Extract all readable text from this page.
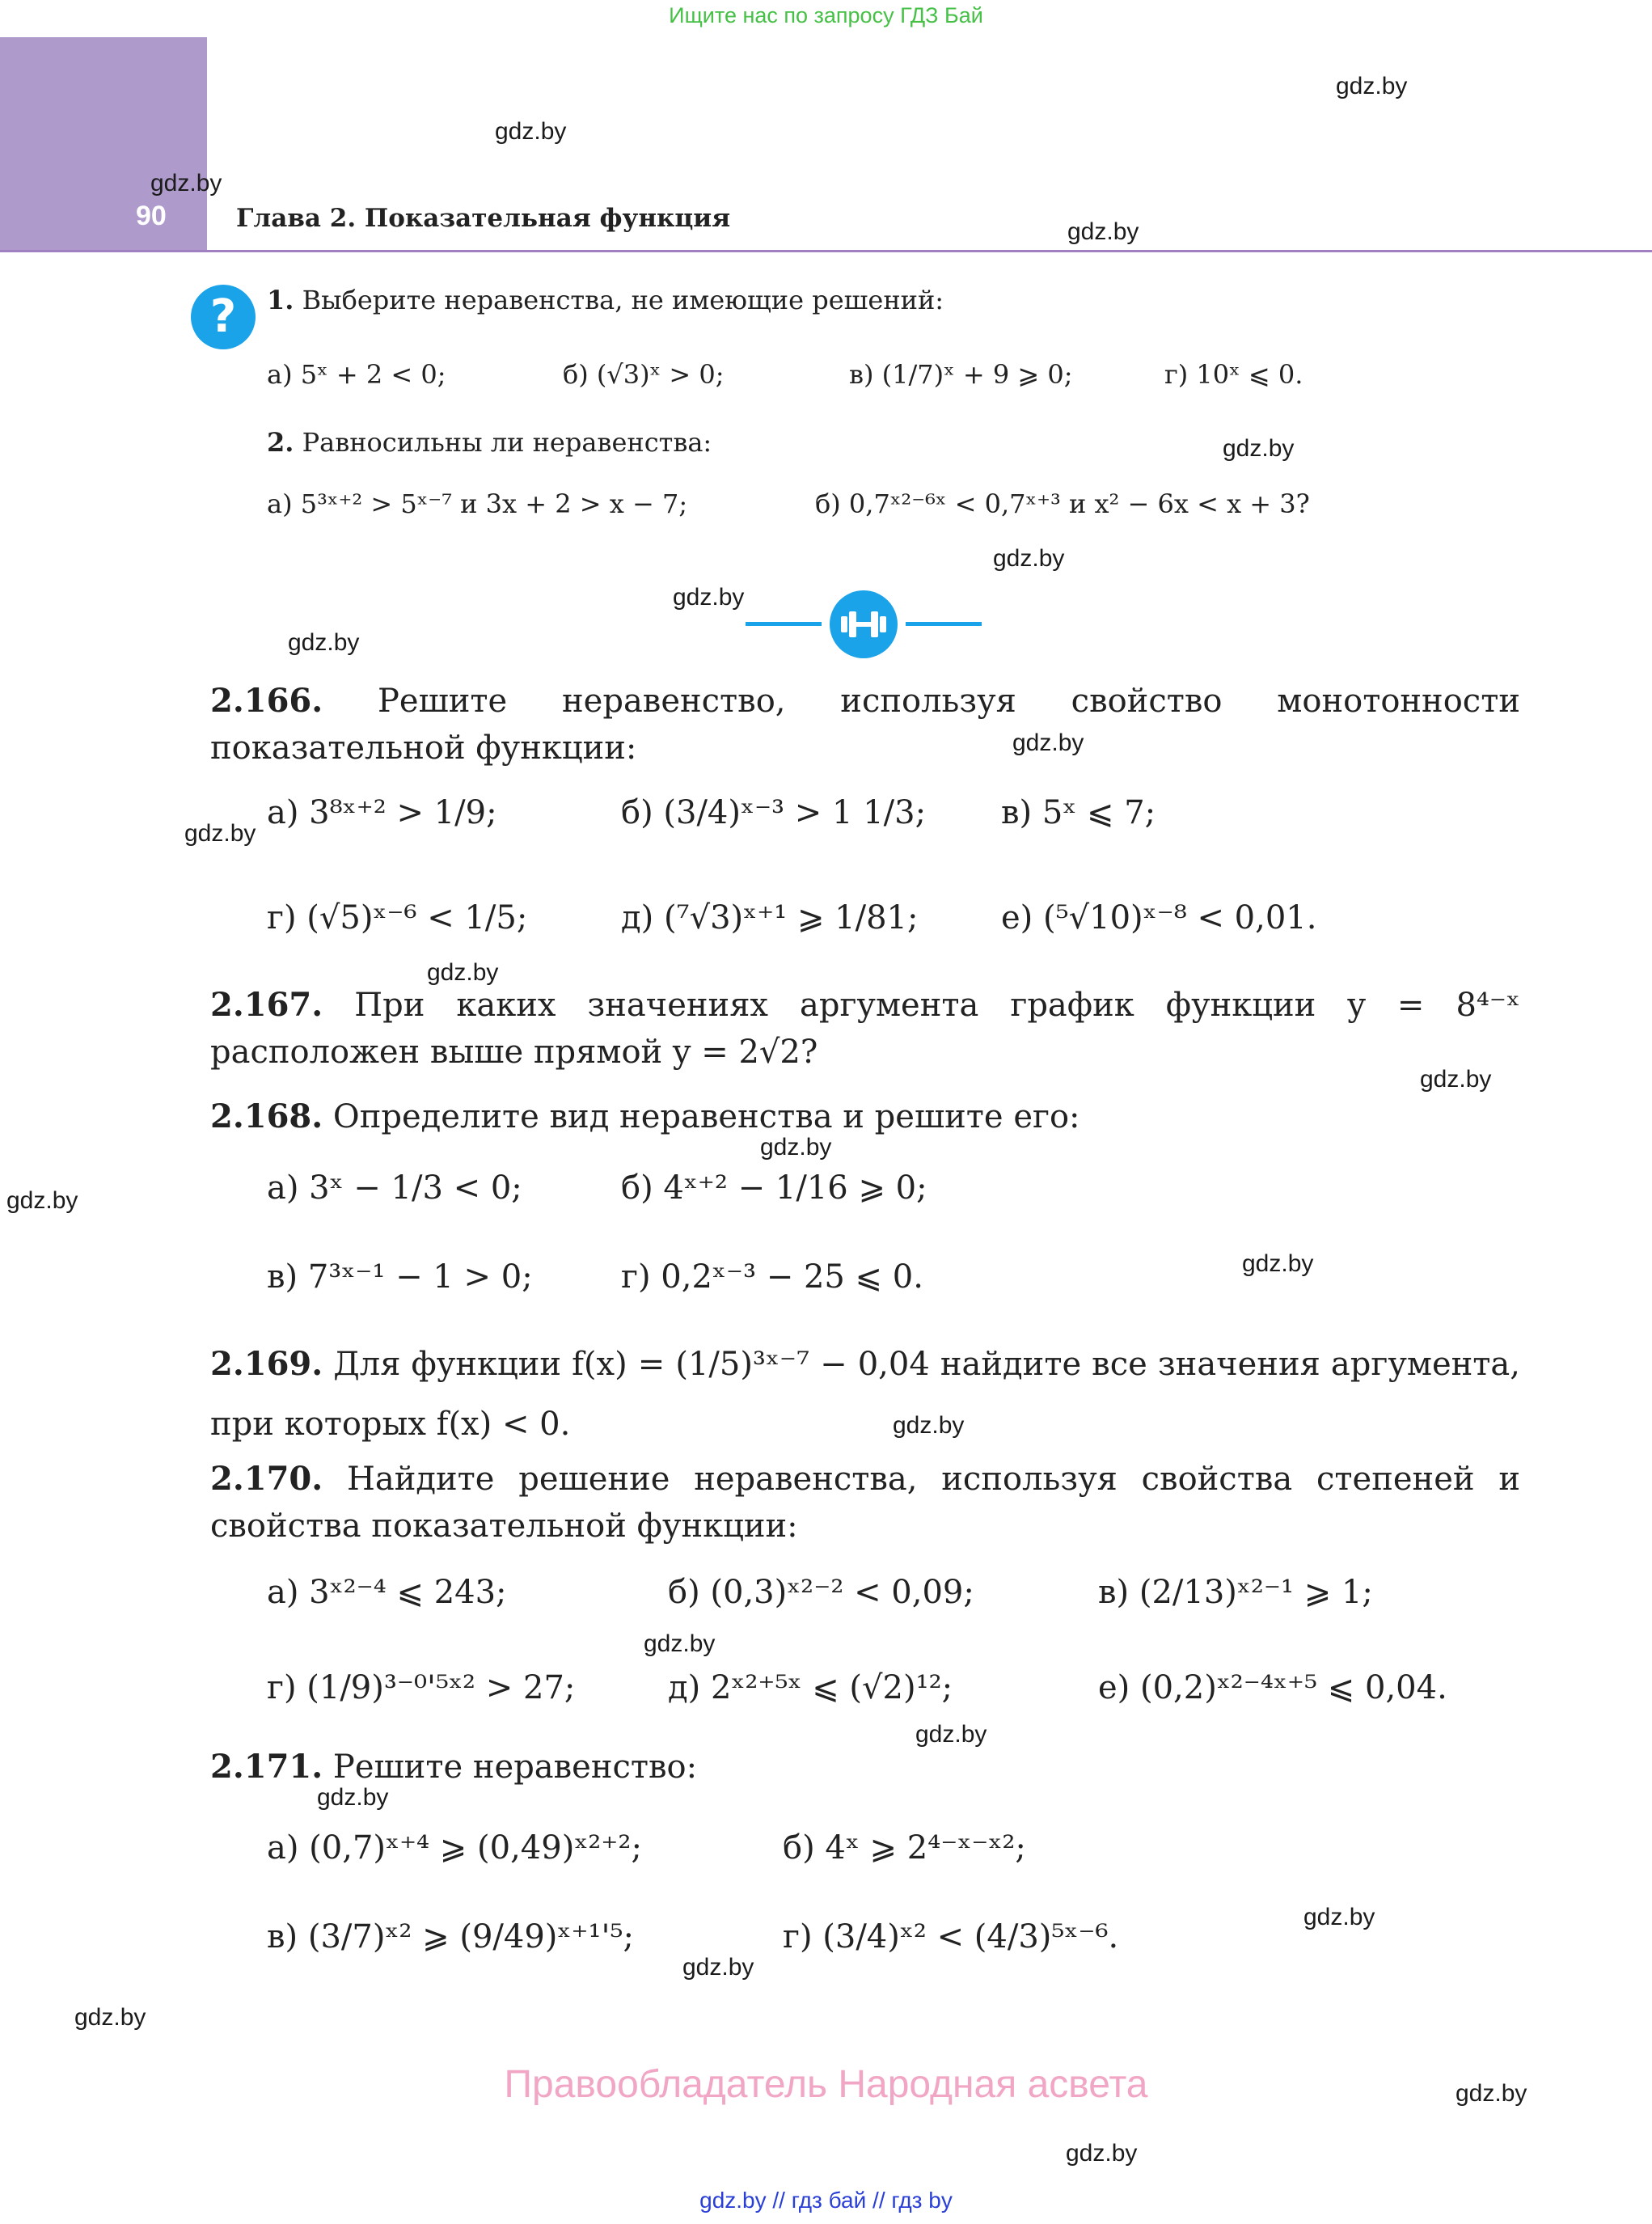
Ищите нас по запросу ГДЗ Бай
90	Глава 2. Показательная функция
gdz.by
gdz.by
gdz.by
gdz.by
gdz.by
gdz.by
gdz.by
gdz.by
gdz.by
gdz.by
gdz.by
gdz.by
gdz.by
gdz.by
gdz.by
gdz.by
gdz.by
gdz.by
gdz.by
gdz.by
gdz.by
gdz.by
gdz.by
gdz.by
?	1. Выберите неравенства, не имеющие решений:
а) 5ˣ + 2 < 0;	б) (√3)ˣ > 0;	в) (1/7)ˣ + 9 ⩾ 0;	г) 10ˣ ⩽ 0.
2. Равносильны ли неравенства:
а) 5³ˣ⁺² > 5ˣ⁻⁷ и 3x + 2 > x − 7;	б) 0,7ˣ²⁻⁶ˣ < 0,7ˣ⁺³ и x² − 6x < x + 3?
2.166. Решите неравенство, используя свойство монотонности показательной функции:
а) 3⁸ˣ⁺² > 1/9;	б) (3/4)ˣ⁻³ > 1 1/3; в) 5ˣ ⩽ 7;
г) (√5)ˣ⁻⁶ < 1/5;	д) (⁷√3)ˣ⁺¹ ⩾ 1/81;	е) (⁵√10)ˣ⁻⁸ < 0,01.
2.167. При каких значениях аргумента график функции y = 8⁴⁻ˣ расположен выше прямой y = 2√2?
2.168. Определите вид неравенства и решите его:
а) 3ˣ − 1/3 < 0;	б) 4ˣ⁺² − 1/16 ⩾ 0;
в) 7³ˣ⁻¹ − 1 > 0;	г) 0,2ˣ⁻³ − 25 ⩽ 0.
2.169. Для функции f(x) = (1/5)³ˣ⁻⁷ − 0,04 найдите все значения аргумента, при которых f(x) < 0.
2.170. Найдите решение неравенства, используя свойства степеней и свойства показательной функции:
а) 3ˣ²⁻⁴ ⩽ 243;	б) (0,3)ˣ²⁻² < 0,09;	в) (2/13)ˣ²⁻¹ ⩾ 1;
г) (1/9)³⁻⁰'⁵ˣ² > 27;	д) 2ˣ²⁺⁵ˣ ⩽ (√2)¹²;	е) (0,2)ˣ²⁻⁴ˣ⁺⁵ ⩽ 0,04.
2.171. Решите неравенство:
а) (0,7)ˣ⁺⁴ ⩾ (0,49)ˣ²⁺²;	б) 4ˣ ⩾ 2⁴⁻ˣ⁻ˣ²;
в) (3/7)ˣ² ⩾ (9/49)ˣ⁺¹'⁵;	г) (3/4)ˣ² < (4/3)⁵ˣ⁻⁶.
Правообладатель Народная асвета
gdz.by // гдз бай // гдз by
